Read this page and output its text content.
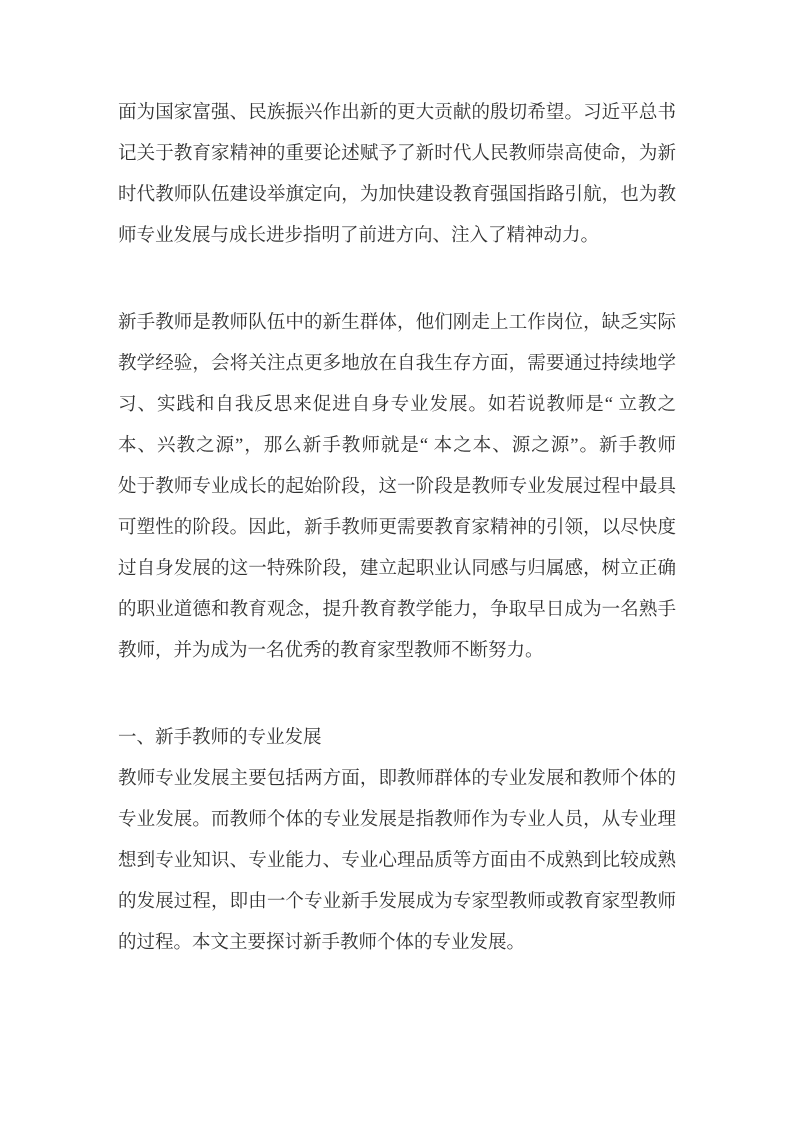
面为国家富强、民族振兴作出新的更大贡献的殷切希望。习近平总书
记关于教育家精神的重要论述赋予了新时代人民教师崇高使命，为新
时代教师队伍建设举旗定向，为加快建设教育强国指路引航，也为教
师专业发展与成长进步指明了前进方向、注入了精神动力。
新手教师是教师队伍中的新生群体，他们刚走上工作岗位，缺乏实际
教学经验，会将关注点更多地放在自我生存方面，需要通过持续地学
习、实践和自我反思来促进自身专业发展。如若说教师是“ 立教之
本、兴教之源”，那么新手教师就是“ 本之本、源之源”。新手教师
处于教师专业成长的起始阶段，这一阶段是教师专业发展过程中最具
可塑性的阶段。因此，新手教师更需要教育家精神的引领，以尽快度
过自身发展的这一特殊阶段，建立起职业认同感与归属感，树立正确
的职业道德和教育观念，提升教育教学能力，争取早日成为一名熟手
教师，并为成为一名优秀的教育家型教师不断努力。
一、新手教师的专业发展
教师专业发展主要包括两方面，即教师群体的专业发展和教师个体的
专业发展。而教师个体的专业发展是指教师作为专业人员，从专业理
想到专业知识、专业能力、专业心理品质等方面由不成熟到比较成熟
的发展过程，即由一个专业新手发展成为专家型教师或教育家型教师
的过程。本文主要探讨新手教师个体的专业发展。
